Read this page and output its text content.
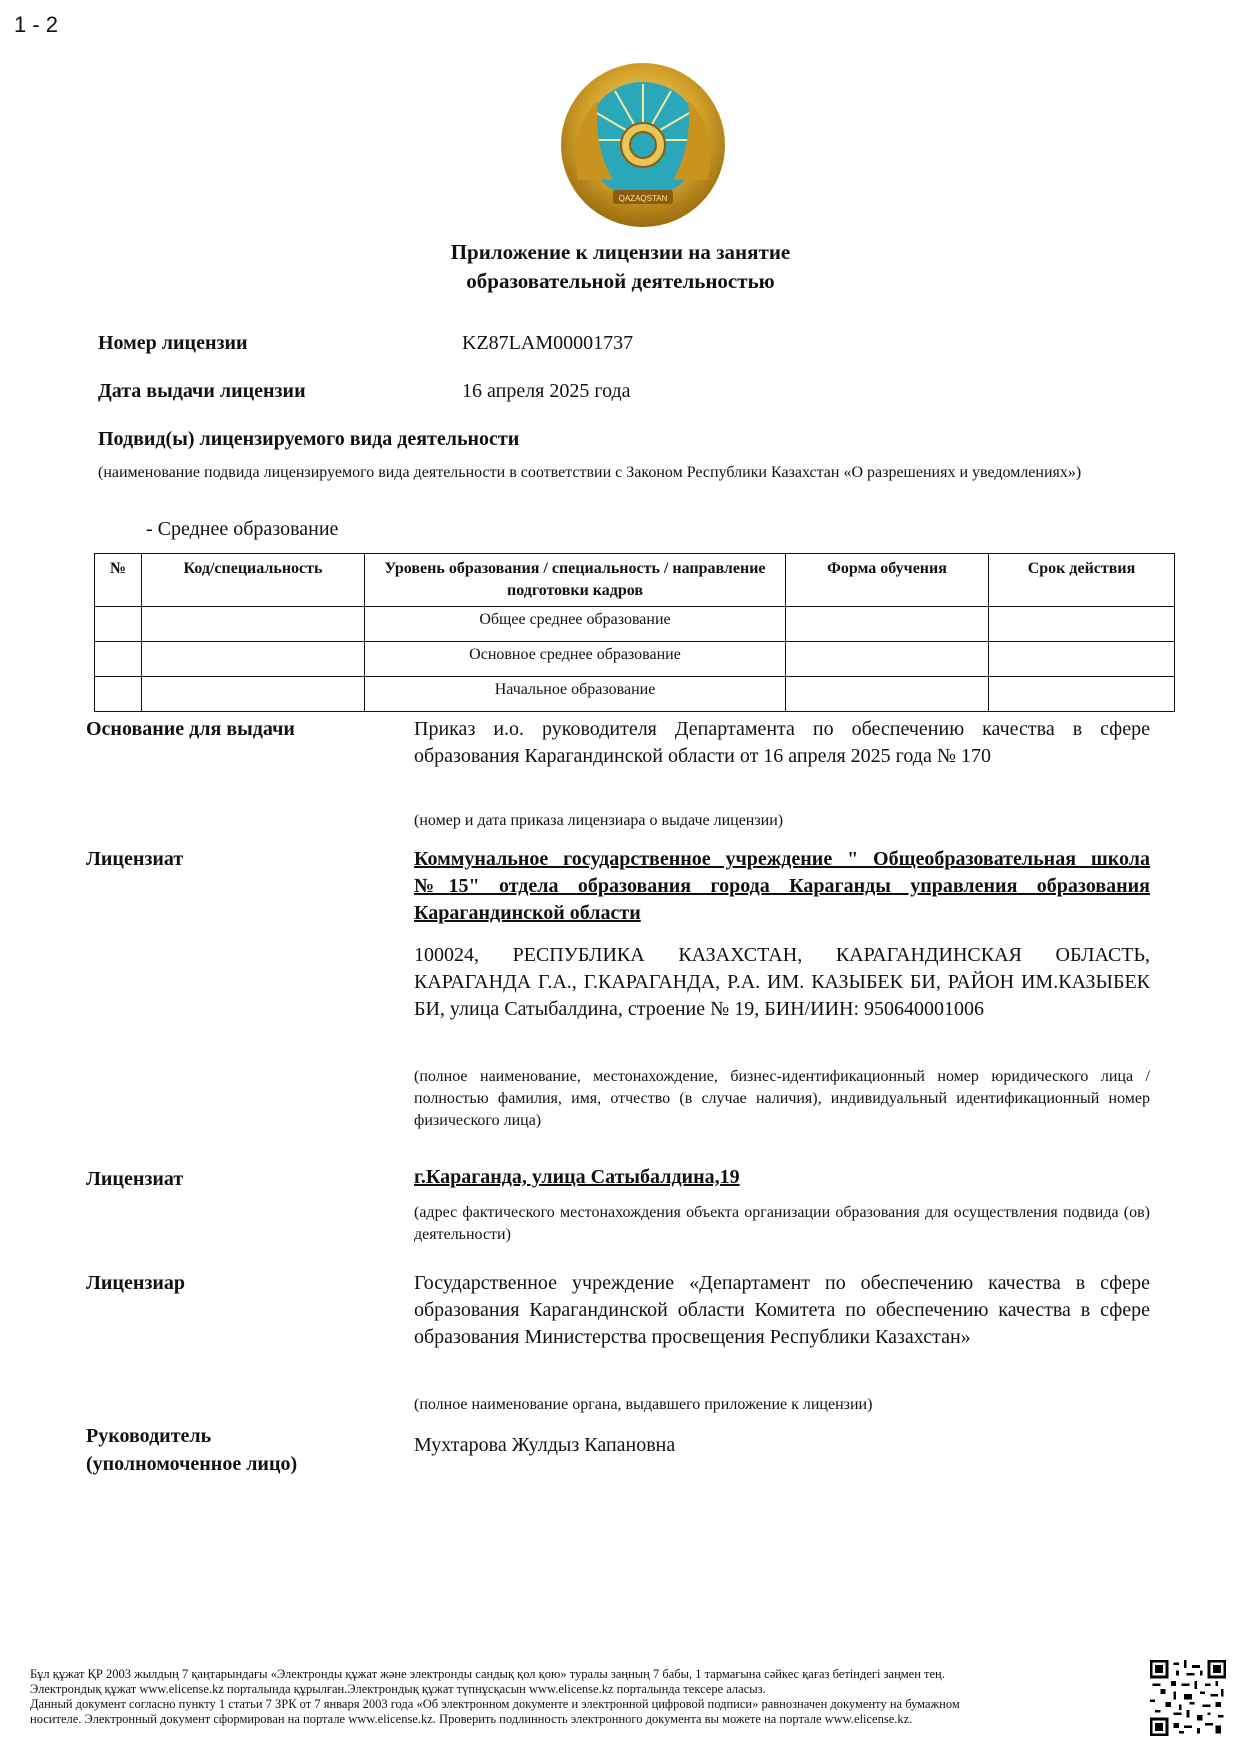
1 - 2
QAZAQSTAN
Приложение к лицензии на занятие
образовательной деятельностью
Номер лицензии	KZ87LAM00001737
Дата выдачи лицензии	16 апреля 2025 года
Подвид(ы) лицензируемого вида деятельности
(наименование подвида лицензируемого вида деятельности в соответствии с Законом Республики Казахстан «О разрешениях и уведомлениях»)
- Среднее образование
№	Код/специальность	Уровень образования / специальность / направление подготовки кадров	Форма обучения	Срок действия
		Общее среднее образование		
		Основное среднее образование		
		Начальное образование		
Основание для выдачи	Приказ и.о. руководителя Департамента по обеспечению качества в сфере образования Карагандинской области от 16 апреля 2025 года № 170
(номер и дата приказа лицензиара о выдаче лицензии)
Лицензиат	Коммунальное государственное учреждение " Общеобразовательная школа №15" отдела образования города Караганды управления образования Карагандинской области
100024, РЕСПУБЛИКА КАЗАХСТАН, КАРАГАНДИНСКАЯ ОБЛАСТЬ, КАРАГАНДА Г.А., Г.КАРАГАНДА, Р.А. ИМ. КАЗЫБЕК БИ, РАЙОН ИМ.КАЗЫБЕК БИ, улица Сатыбалдина, строение № 19, БИН/ИИН: 950640001006
(полное наименование, местонахождение, бизнес-идентификационный номер юридического лица / полностью фамилия, имя, отчество (в случае наличия), индивидуальный идентификационный номер физического лица)
Лицензиат	г.Караганда, улица Сатыбалдина,19
(адрес фактического местонахождения объекта организации образования для осуществления подвида (ов) деятельности)
Лицензиар	Государственное учреждение «Департамент по обеспечению качества в сфере образования Карагандинской области Комитета по обеспечению качества в сфере образования Министерства просвещения Республики Казахстан»
(полное наименование органа, выдавшего приложение к лицензии)
Руководитель
(уполномоченное лицо)
Мухтарова Жулдыз Капановна
Бұл құжат ҚР 2003 жылдың 7 қаңтарындағы «Электронды құжат және электронды сандық қол қою» туралы заңның 7 бабы, 1 тармағына сәйкес қағаз бетіндегі заңмен тең.
Электрондық құжат www.elicense.kz порталында құрылған.Электрондық құжат түпнұсқасын www.elicense.kz порталында тексере аласыз.
Данный документ согласно пункту 1 статьи 7 ЗРК от 7 января 2003 года «Об электронном документе и электронной цифровой подписи» равнозначен документу на бумажном
носителе. Электронный документ сформирован на портале www.elicense.kz. Проверить подлинность электронного документа вы можете на портале www.elicense.kz.
